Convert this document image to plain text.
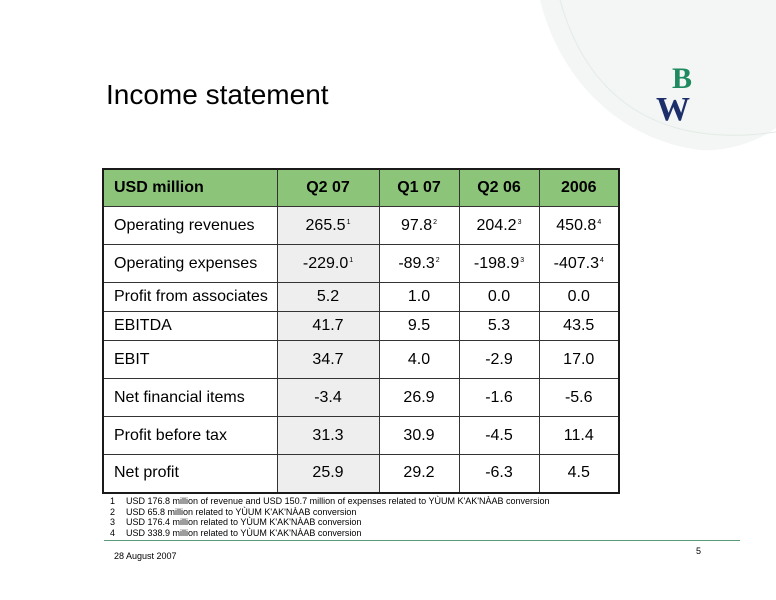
Income statement	B
W
USD million	Q2 07	Q1 07	Q2 06	2006
Operating revenues	265.5$^1$	97.8$^2$	204.2$^3$	450.8$^4$
Operating expenses	-229.0$^1$	-89.3$^2$	-198.9$^3$	-407.3$^4$
Profit from associates	5.2	1.0	0.0	0.0
EBITDA	41.7	9.5	5.3	43.5
EBIT	34.7	4.0	-2.9	17.0
Net financial items	-3.4	26.9	-1.6	-5.6
Profit before tax	31.3	30.9	-4.5	11.4
Net profit	25.9	29.2	-6.3	4.5
1 USD 176.8 million of revenue and USD 150.7 million of expenses related to YÙUM K'AK'NÀAB conversion
2 USD 65.8 million related to YÙUM K'AK'NÀAB conversion
3 USD 176.4 million related to YÙUM K'AK'NÀAB conversion
4 USD 338.9 million related to YÙUM K'AK'NÀAB conversion
28 August 2007	5
